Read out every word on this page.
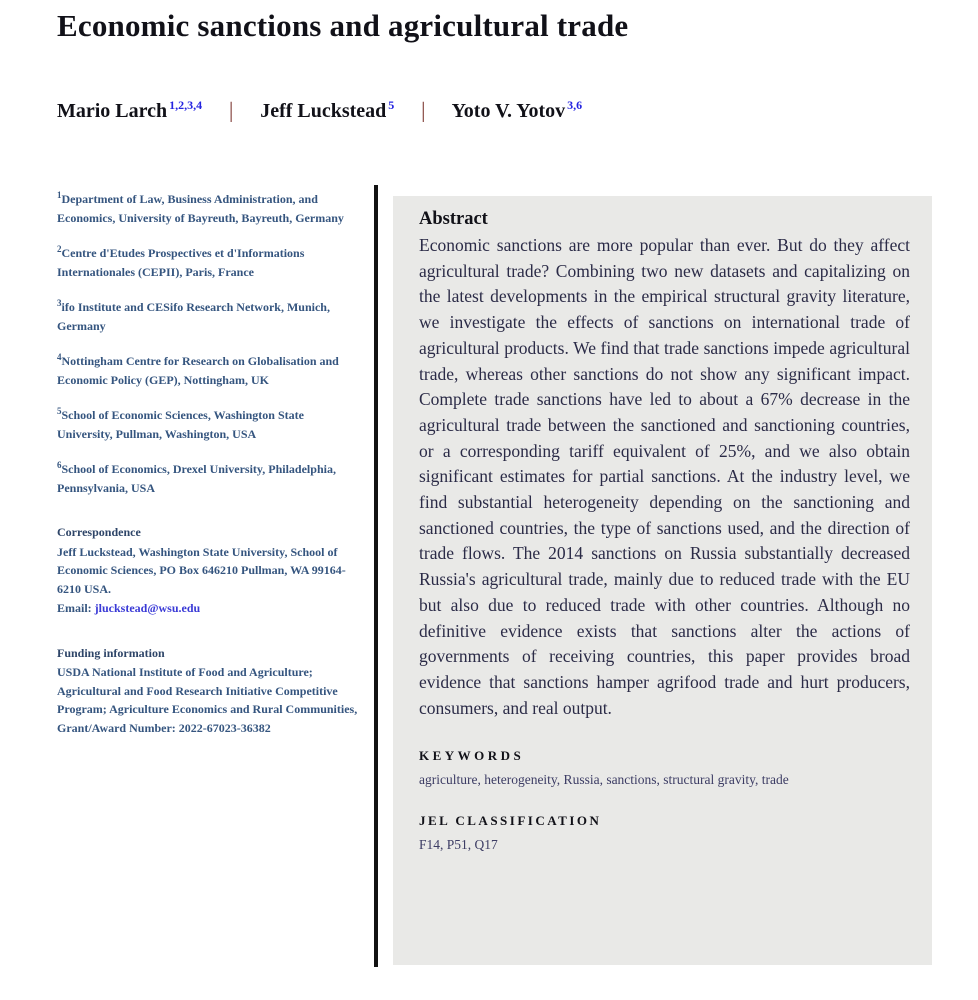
Economic sanctions and agricultural trade
Mario Larch $^{1,2,3,4}$ | Jeff Luckstead $^5$ | Yoto V. Yotov $^{3,6}$

$^1$Department of Law, Business Administration, and Economics, University of Bayreuth, Bayreuth, Germany

$^2$Centre d'Etudes Prospectives et d'Informations Internationales (CEPII), Paris, France

$^3$ifo Institute and CESifo Research Network, Munich, Germany

$^4$Nottingham Centre for Research on Globalisation and Economic Policy (GEP), Nottingham, UK

$^5$School of Economic Sciences, Washington State University, Pullman, Washington, USA

$^6$School of Economics, Drexel University, Philadelphia, Pennsylvania, USA

Correspondence
Jeff Luckstead, Washington State University, School of Economic Sciences, PO Box 646210 Pullman, WA 99164-6210 USA.
Email: jluckstead@wsu.edu
Funding information
USDA National Institute of Food and Agriculture; Agricultural and Food Research Initiative Competitive Program; Agriculture Economics and Rural Communities, Grant/Award Number: 2022-67023-36382
Abstract

Economic sanctions are more popular than ever. But do they affect agricultural trade? Combining two new datasets and capitalizing on the latest developments in the empirical structural gravity literature, we investigate the effects of sanctions on international trade of agricultural products. We find that trade sanctions impede agricultural trade, whereas other sanctions do not show any significant impact. Complete trade sanctions have led to about a 67% decrease in the agricultural trade between the sanctioned and sanctioning countries, or a corresponding tariff equivalent of 25%, and we also obtain significant estimates for partial sanctions. At the industry level, we find substantial heterogeneity depending on the sanctioning and sanctioned countries, the type of sanctions used, and the direction of trade flows. The 2014 sanctions on Russia substantially decreased Russia's agricultural trade, mainly due to reduced trade with the EU but also due to reduced trade with other countries. Although no definitive evidence exists that sanctions alter the actions of governments of receiving countries, this paper provides broad evidence that sanctions hamper agrifood trade and hurt producers, consumers, and real output.

KEYWORDS
agriculture, heterogeneity, Russia, sanctions, structural gravity, trade
JEL CLASSIFICATION
F14, P51, Q17
